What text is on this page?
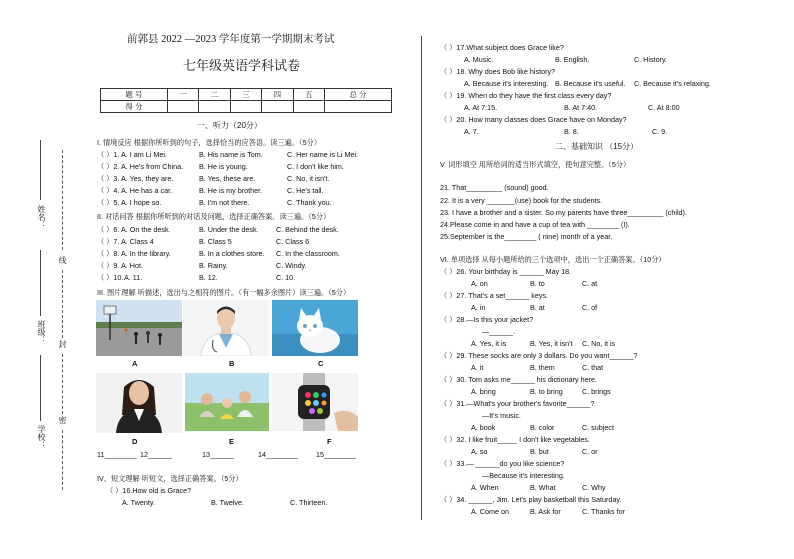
姓名：
班级：
学校：
线
封
密
前郭县 2022 —2023 学年度第一学期期末考试
七年级英语学科试卷
题 号	一	二	三	四	五	总 分
得 分						
一、听力（20分）
I. 情境反应 根据你所听到的句子，选择恰当的应答语。读三遍。（5分）
（ ）1. A. I am Li Mei.	B. His name is Tom.	C. Her name is Li Mei.
（ ）2. A. He's from China. B. He is young.	C. I don't like him.
（ ）3. A. Yes, they are.	B. Yes, these are.	C. No, it isn't.
（ ）4. A. He has a car.	B. He is my brother.	C. He's tall.
（ ）5. A. I hope so.	B. I'm not there.	C. Thank you.
II. 对话问答 根据你所听到的对话及问题，选择正确答案。读三遍。（5分）
（ ）6. A. On the desk.	B. Under the desk. C. Behind the desk.
（ ）7. A. Class 4	B. Class 5	C. Class 6
（ ）8. A. In the library.	B. In a clothes store. C. In the classroom.
（ ）9. A. Hot.	B. Rainy.	C. Windy.
（ ）10. A. 11.	B. 12.	C. 10.
III. 图片理解 听描述，选出与之相符的图片。（有一幅多余图片）读三遍。（5分）
A	B	C
D	E	F
11________ 12______	13______	14________	15________
IV、短文理解 听短文，选择正确答案。（5分）
（ ）16.How old is Grace?
A. Twenty.	B. Twelve.	C. Thirteen.
（ ）17.What subject does Grace like?
A. Music.	B. English.	C. History.
（ ）18. Why does Bob like history?
A. Because it's interesting. B. Because it's useful. C. Because it's relaxing.
（ ）19. When do they have the first class every day?
A. At 7:15.	B. At 7:40.	C. At 8:00
（ ）20. How many classes does Grace have on Monday?
A. 7.	B. 8.	C. 9.
二、基础知识 （15分）
V. 词形填空 用所给词的适当形式填空，使句意完整。（5分）
21. That_________ (sound) good.
22. It is a very _______(use) book for the students.
23. I have a brother and a sister. So my parents have three_________ (child).
24.Please come in and have a cup of tea with ________ (I).
25.September is the________ ( nine) month of a year.
VI. 单项选择 从每小题所给的三个选项中，选出一个正确答案。（10分）
（ ）26. Your birthday is ______ May 18.
A. on	B. to	C. at
（ ）27. That's a set______ keys.
A. in	B. at	C. of
（ ）28.—Is this your jacket?
—______.
A. Yes, it is	B. Yes, it isn't C. No, it is
（ ）29. These socks are only 3 dollars. Do you want______?
A. it	B. them	C. that
（ ）30. Tom asks me______ his dictionary here.
A. bring	B. to bring	C. brings
（ ）31.—What's your brother's favorite______?
—It's music.
A. book	B. color	C. subject
（ ）32. I like fruit_____ I don't like vegetables.
A. so	B. but	C. or
（ ）33.— ______do you like science?
—Because it's interesting.
A. When	B. What	C. Why
（ ）34. ______, Jim. Let's play basketball this Saturday.
A. Come on	B. Ask for	C. Thanks for
